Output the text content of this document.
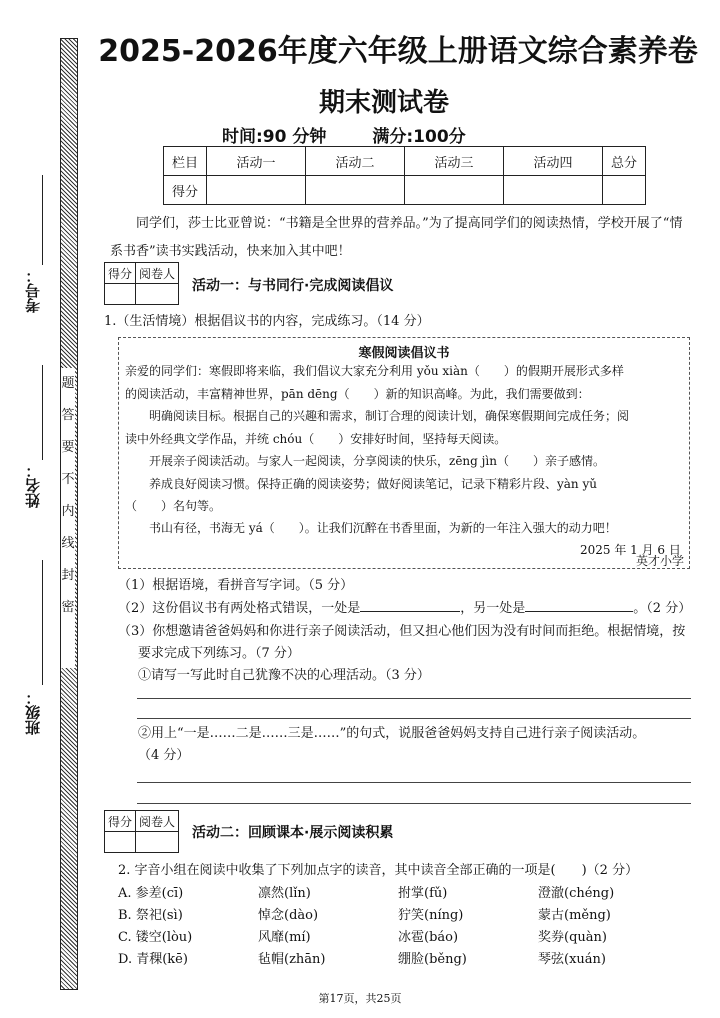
题
答
要
不
内
线
封
密
考号：
姓名：
班级：
2025-2026年度六年级上册语文综合素养卷
期末测试卷
时间:90 分钟	满分:100分
栏目	活动一	活动二	活动三	活动四	总分
得分					
同学们，莎士比亚曾说：“书籍是全世界的营养品。”为了提高同学们的阅读热情，学校开展了“情
系书香”读书实践活动，快来加入其中吧！
得分	阅卷人

活动一：与书同行·完成阅读倡议
1.（生活情境）根据倡议书的内容，完成练习。（14 分）
寒假阅读倡议书
亲爱的同学们：寒假即将来临，我们倡议大家充分利用 yǒu xiàn（　　）的假期开展形式多样
的阅读活动，丰富精神世界，pān dēng（　　）新的知识高峰。为此，我们需要做到：
　　明确阅读目标。根据自己的兴趣和需求，制订合理的阅读计划，确保寒假期间完成任务；阅
读中外经典文学作品，并统 chóu（　　）安排好时间，坚持每天阅读。
　　开展亲子阅读活动。与家人一起阅读，分享阅读的快乐，zēng jìn（　　）亲子感情。
　　养成良好阅读习惯。保持正确的阅读姿势；做好阅读笔记，记录下精彩片段、yàn yǔ
（　　）名句等。
　　书山有径，书海无 yá（　　）。让我们沉醉在书香里面，为新的一年注入强大的动力吧！
2025 年 1 月 6 日
英才小学
（1）根据语境，看拼音写字词。（5 分）
（2）这份倡议书有两处格式错误，一处是	，另一处是	。（2 分）
（3）你想邀请爸爸妈妈和你进行亲子阅读活动，但又担心他们因为没有时间而拒绝。根据情境，按
要求完成下列练习。（7 分）
①请写一写此时自己犹豫不决的心理活动。（3 分）
②用上“一是……二是……三是……”的句式，说服爸爸妈妈支持自己进行亲子阅读活动。
（4 分）
得分	阅卷人

活动二：回顾课本·展示阅读积累
2. 字音小组在阅读中收集了下列加点字的读音，其中读音全部正确的一项是(　　)（2 分）
A. 参差(cī)	凛然(lǐn)	拊掌(fǔ)	澄澈(chéng)
B. 祭祀(sì)	悼念(dào)	狞笑(níng)	蒙古(měng)
C. 镂空(lòu)	风靡(mí)	冰雹(báo)	奖券(quàn)
D. 青稞(kē)	毡帽(zhān)	绷脸(běng)	琴弦(xuán)
第17页，共25页
